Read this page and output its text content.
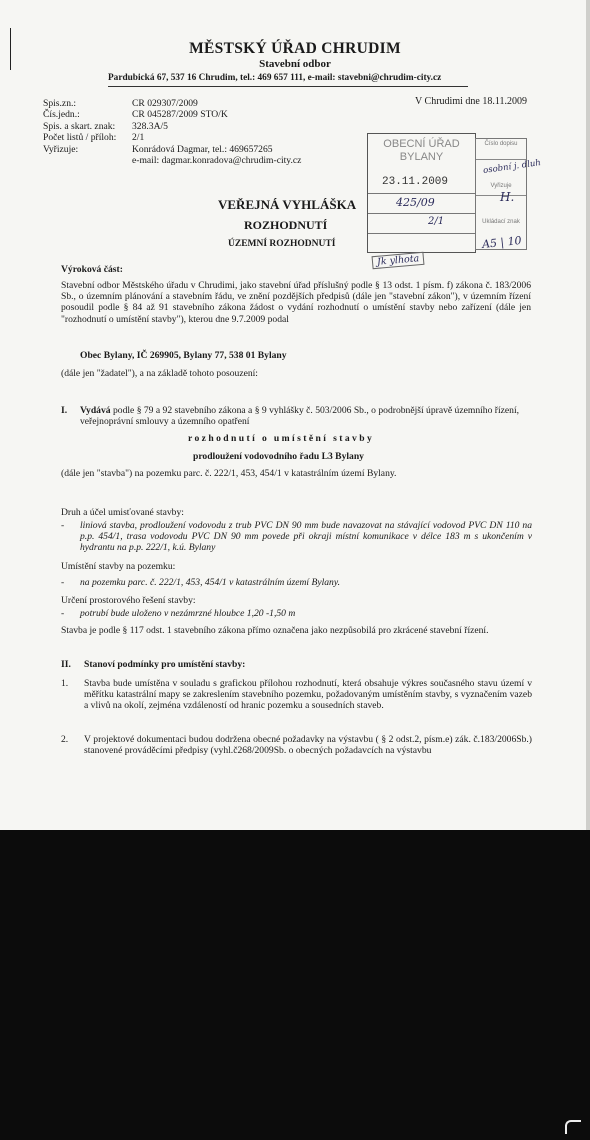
MĚSTSKÝ ÚŘAD CHRUDIM
Stavební odbor
Pardubická 67, 537 16 Chrudim, tel.: 469 657 111, e-mail: stavebni@chrudim-city.cz
Spis.zn.:	CR 029307/2009
Čís.jedn.:	CR 045287/2009 STO/K
Spis. a skart. znak:	328.3A/5
Počet listů / příloh:	2/1
Vyřizuje:	Konrádová Dagmar, tel.: 469657265
e-mail: dagmar.konradova@chrudim-city.cz
V Chrudimi dne 18.11.2009
OBECNÍ ÚŘAD
BYLANY
23.11.2009
425/09
2/1
Číslo dopisu
Vyřizuje
Ukládací znak
osobní j. dluh
H.
A5 | 10
Jk ylhota
VEŘEJNÁ VYHLÁŠKA
ROZHODNUTÍ
ÚZEMNÍ ROZHODNUTÍ
Výroková část:
Stavební odbor Městského úřadu v Chrudimi, jako stavební úřad příslušný podle § 13 odst. 1 písm. f) zákona č. 183/2006 Sb., o územním plánování a stavebním řádu, ve znění pozdějších předpisů (dále jen "stavební zákon"), v územním řízení posoudil podle § 84 až 91 stavebního zákona žádost o vydání rozhodnutí o umístění stavby nebo zařízení (dále jen "rozhodnutí o umístění stavby"), kterou dne 9.7.2009 podal
Obec Bylany, IČ 269905, Bylany 77, 538 01 Bylany
(dále jen "žadatel"), a na základě tohoto posouzení:
I. Vydává podle § 79 a 92 stavebního zákona a § 9 vyhlášky č. 503/2006 Sb., o podrobnější úpravě územního řízení, veřejnoprávní smlouvy a územního opatření
rozhodnutí o umístění stavby
prodloužení vodovodního řadu L3 Bylany
(dále jen "stavba") na pozemku parc. č. 222/1, 453, 454/1 v katastrálním území Bylany.
Druh a účel umisťované stavby:
- liniová stavba, prodloužení vodovodu z trub PVC DN 90 mm bude navazovat na stávající vodovod PVC DN 110 na p.p. 454/1, trasa vodovodu PVC DN 90 mm povede při okraji místní komunikace v délce 183 m s ukončením v hydrantu na p.p. 222/1, k.ú. Bylany
Umístění stavby na pozemku:
- na pozemku parc. č. 222/1, 453, 454/1 v katastrálním území Bylany.
Určení prostorového řešení stavby:
- potrubí bude uloženo v nezámrzné hloubce 1,20 -1,50 m
Stavba je podle § 117 odst. 1 stavebního zákona přímo označena jako nezpůsobilá pro zkrácené stavební řízení.
II. Stanoví podmínky pro umístění stavby:
1. Stavba bude umístěna v souladu s grafickou přílohou rozhodnutí, která obsahuje výkres současného stavu území v měřítku katastrální mapy se zakreslením stavebního pozemku, požadovaným umístěním stavby, s vyznačením vazeb a vlivů na okolí, zejména vzdáleností od hranic pozemku a sousedních staveb.
2. V projektové dokumentaci budou dodržena obecné požadavky na výstavbu ( § 2 odst.2, písm.e) zák. č.183/2006Sb.) stanovené prováděcími předpisy (vyhl.č268/2009Sb. o obecných požadavcích na výstavbu
